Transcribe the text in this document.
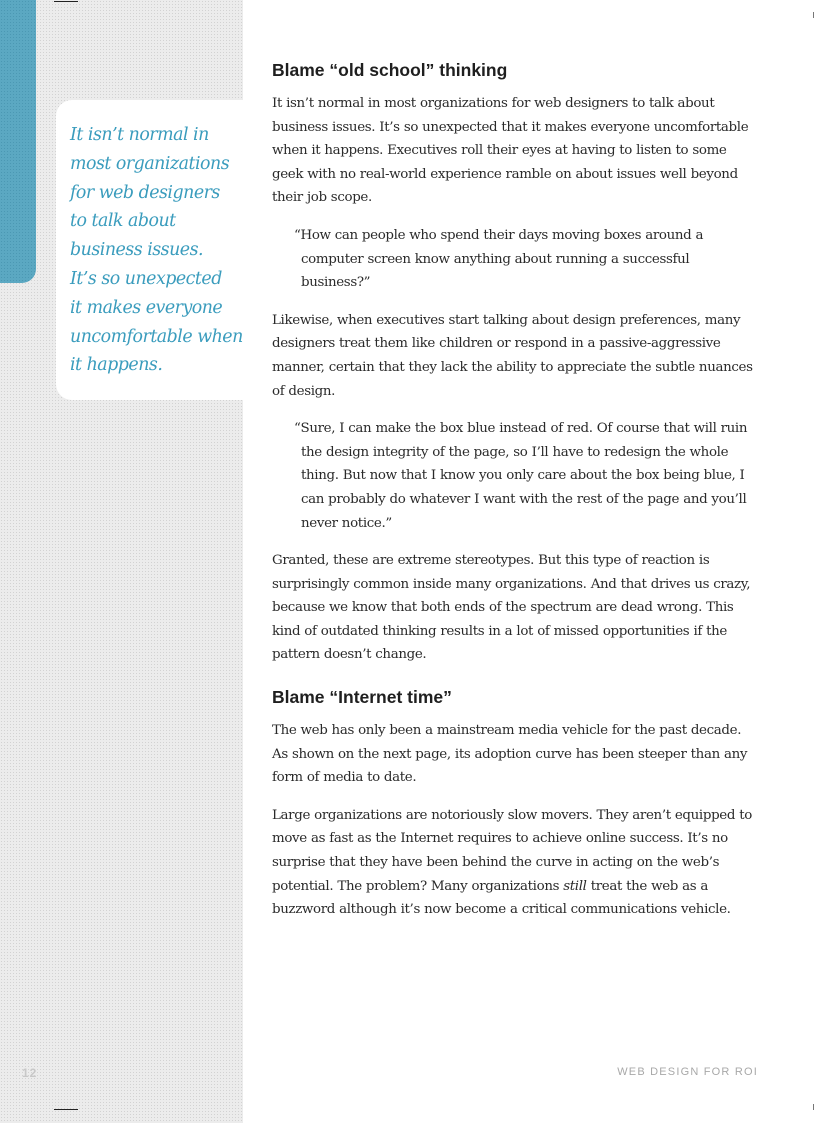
It isn’t normal in
most organizations
for web designers
to talk about
business issues.
It’s so unexpected
it makes everyone
uncomfortable when
it happens.
Blame “old school” thinking

It isn’t normal in most organizations for web designers to talk about business issues. It’s so unexpected that it makes everyone uncomfortable when it happens. Executives roll their eyes at having to listen to some geek with no real-world experience ramble on about issues well beyond their job scope.

“How can people who spend their days moving boxes around a computer screen know anything about running a successful business?”

Likewise, when executives start talking about design preferences, many designers treat them like children or respond in a passive-aggressive manner, certain that they lack the ability to appreciate the subtle nuances of design.

“Sure, I can make the box blue instead of red. Of course that will ruin the design integrity of the page, so I’ll have to redesign the whole thing. But now that I know you only care about the box being blue, I can probably do whatever I want with the rest of the page and you’ll never notice.”

Granted, these are extreme stereotypes. But this type of reaction is surprisingly common inside many organizations. And that drives us crazy, because we know that both ends of the spectrum are dead wrong. This kind of outdated thinking results in a lot of missed opportunities if the pattern doesn’t change.

Blame “Internet time”

The web has only been a mainstream media vehicle for the past decade. As shown on the next page, its adoption curve has been steeper than any form of media to date.

Large organizations are notoriously slow movers. They aren’t equipped to move as fast as the Internet requires to achieve online success. It’s no surprise that they have been behind the curve in acting on the web’s potential. The problem? Many organizations still treat the web as a buzzword although it’s now become a critical communications vehicle.

12	WEB DESIGN FOR ROI
